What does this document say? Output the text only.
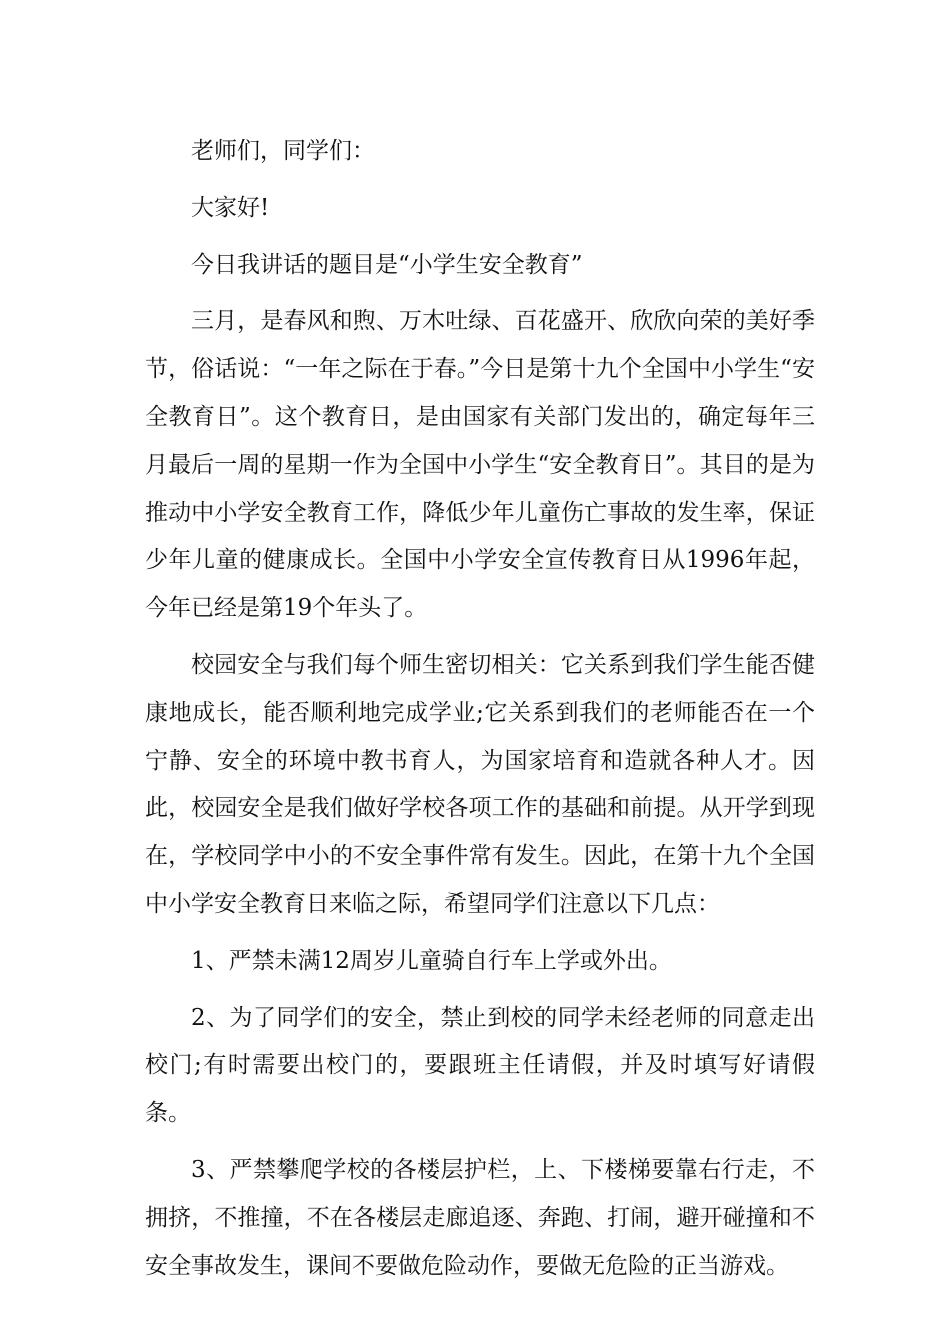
老师们，同学们：

大家好!

今日我讲话的题目是“小学生安全教育”

三月，是春风和煦、万木吐绿、百花盛开、欣欣向荣的美好季节，俗话说：“一年之际在于春。”今日是第十九个全国中小学生“安全教育日”。这个教育日，是由国家有关部门发出的，确定每年三月最后一周的星期一作为全国中小学生“安全教育日”。其目的是为推动中小学安全教育工作，降低少年儿童伤亡事故的发生率，保证少年儿童的健康成长。全国中小学安全宣传教育日从1996年起，今年已经是第19个年头了。

校园安全与我们每个师生密切相关：它关系到我们学生能否健康地成长，能否顺利地完成学业;它关系到我们的老师能否在一个宁静、安全的环境中教书育人，为国家培育和造就各种人才。因此，校园安全是我们做好学校各项工作的基础和前提。从开学到现在，学校同学中小的不安全事件常有发生。因此，在第十九个全国中小学安全教育日来临之际，希望同学们注意以下几点：

1、严禁未满12周岁儿童骑自行车上学或外出。

2、为了同学们的安全，禁止到校的同学未经老师的同意走出校门;有时需要出校门的，要跟班主任请假，并及时填写好请假条。

3、严禁攀爬学校的各楼层护栏，上、下楼梯要靠右行走，不拥挤，不推撞，不在各楼层走廊追逐、奔跑、打闹，避开碰撞和不安全事故发生，课间不要做危险动作，要做无危险的正当游戏。
